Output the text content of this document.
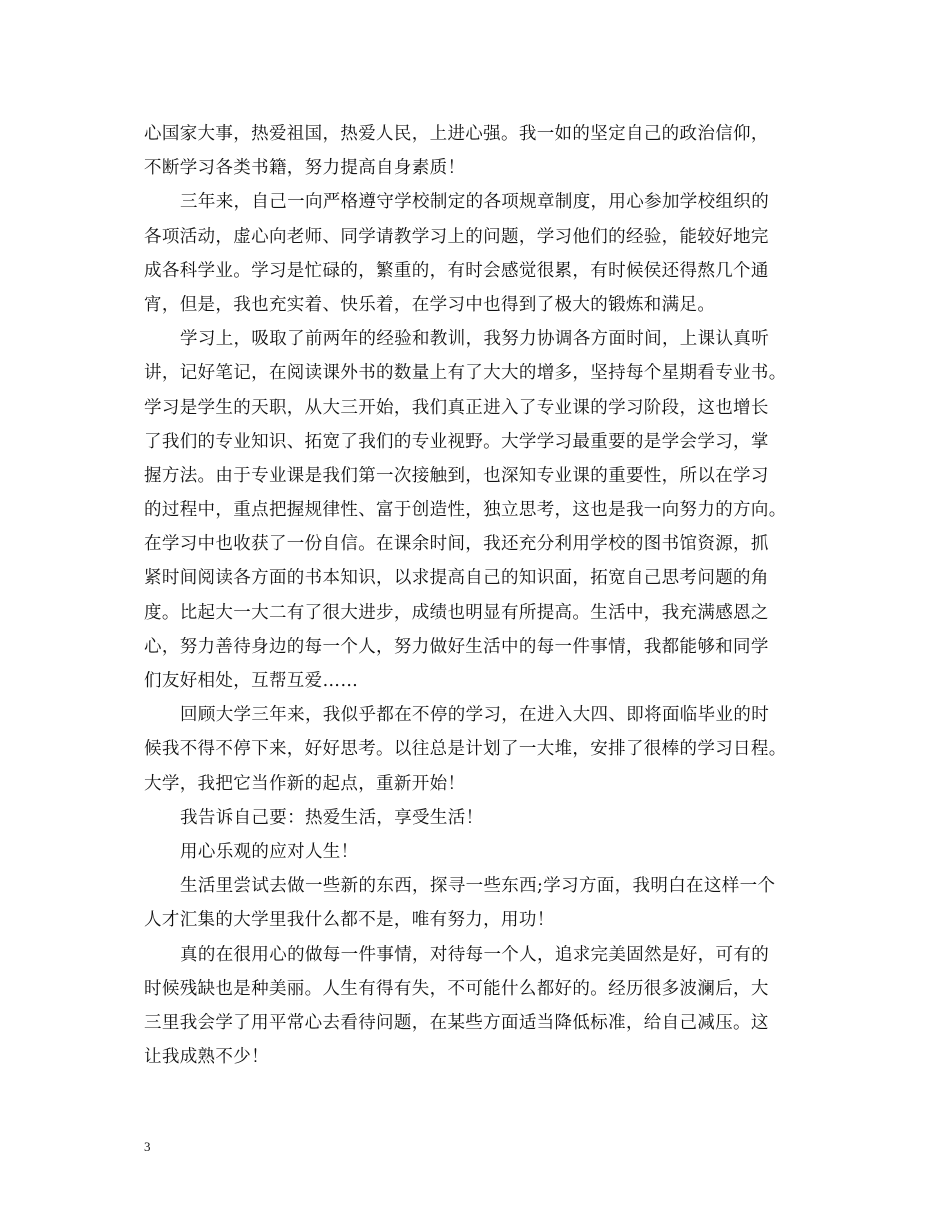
心国家大事，热爱祖国，热爱人民，上进心强。我一如的坚定自己的政治信仰，
不断学习各类书籍，努力提高自身素质！
三年来，自己一向严格遵守学校制定的各项规章制度，用心参加学校组织的
各项活动，虚心向老师、同学请教学习上的问题，学习他们的经验，能较好地完
成各科学业。学习是忙碌的，繁重的，有时会感觉很累，有时候侯还得熬几个通
宵，但是，我也充实着、快乐着，在学习中也得到了极大的锻炼和满足。
学习上，吸取了前两年的经验和教训，我努力协调各方面时间，上课认真听
讲，记好笔记，在阅读课外书的数量上有了大大的增多，坚持每个星期看专业书。
学习是学生的天职，从大三开始，我们真正进入了专业课的学习阶段，这也增长
了我们的专业知识、拓宽了我们的专业视野。大学学习最重要的是学会学习，掌
握方法。由于专业课是我们第一次接触到，也深知专业课的重要性，所以在学习
的过程中，重点把握规律性、富于创造性，独立思考，这也是我一向努力的方向。
在学习中也收获了一份自信。在课余时间，我还充分利用学校的图书馆资源，抓
紧时间阅读各方面的书本知识，以求提高自己的知识面，拓宽自己思考问题的角
度。比起大一大二有了很大进步，成绩也明显有所提高。生活中，我充满感恩之
心，努力善待身边的每一个人，努力做好生活中的每一件事情，我都能够和同学
们友好相处，互帮互爱……
回顾大学三年来，我似乎都在不停的学习，在进入大四、即将面临毕业的时
候我不得不停下来，好好思考。以往总是计划了一大堆，安排了很棒的学习日程。
大学，我把它当作新的起点，重新开始！
我告诉自己要：热爱生活，享受生活！
用心乐观的应对人生！
生活里尝试去做一些新的东西，探寻一些东西;学习方面，我明白在这样一个
人才汇集的大学里我什么都不是，唯有努力，用功！
真的在很用心的做每一件事情，对待每一个人，追求完美固然是好，可有的
时候残缺也是种美丽。人生有得有失，不可能什么都好的。经历很多波澜后，大
三里我会学了用平常心去看待问题，在某些方面适当降低标准，给自己减压。这
让我成熟不少！
3
